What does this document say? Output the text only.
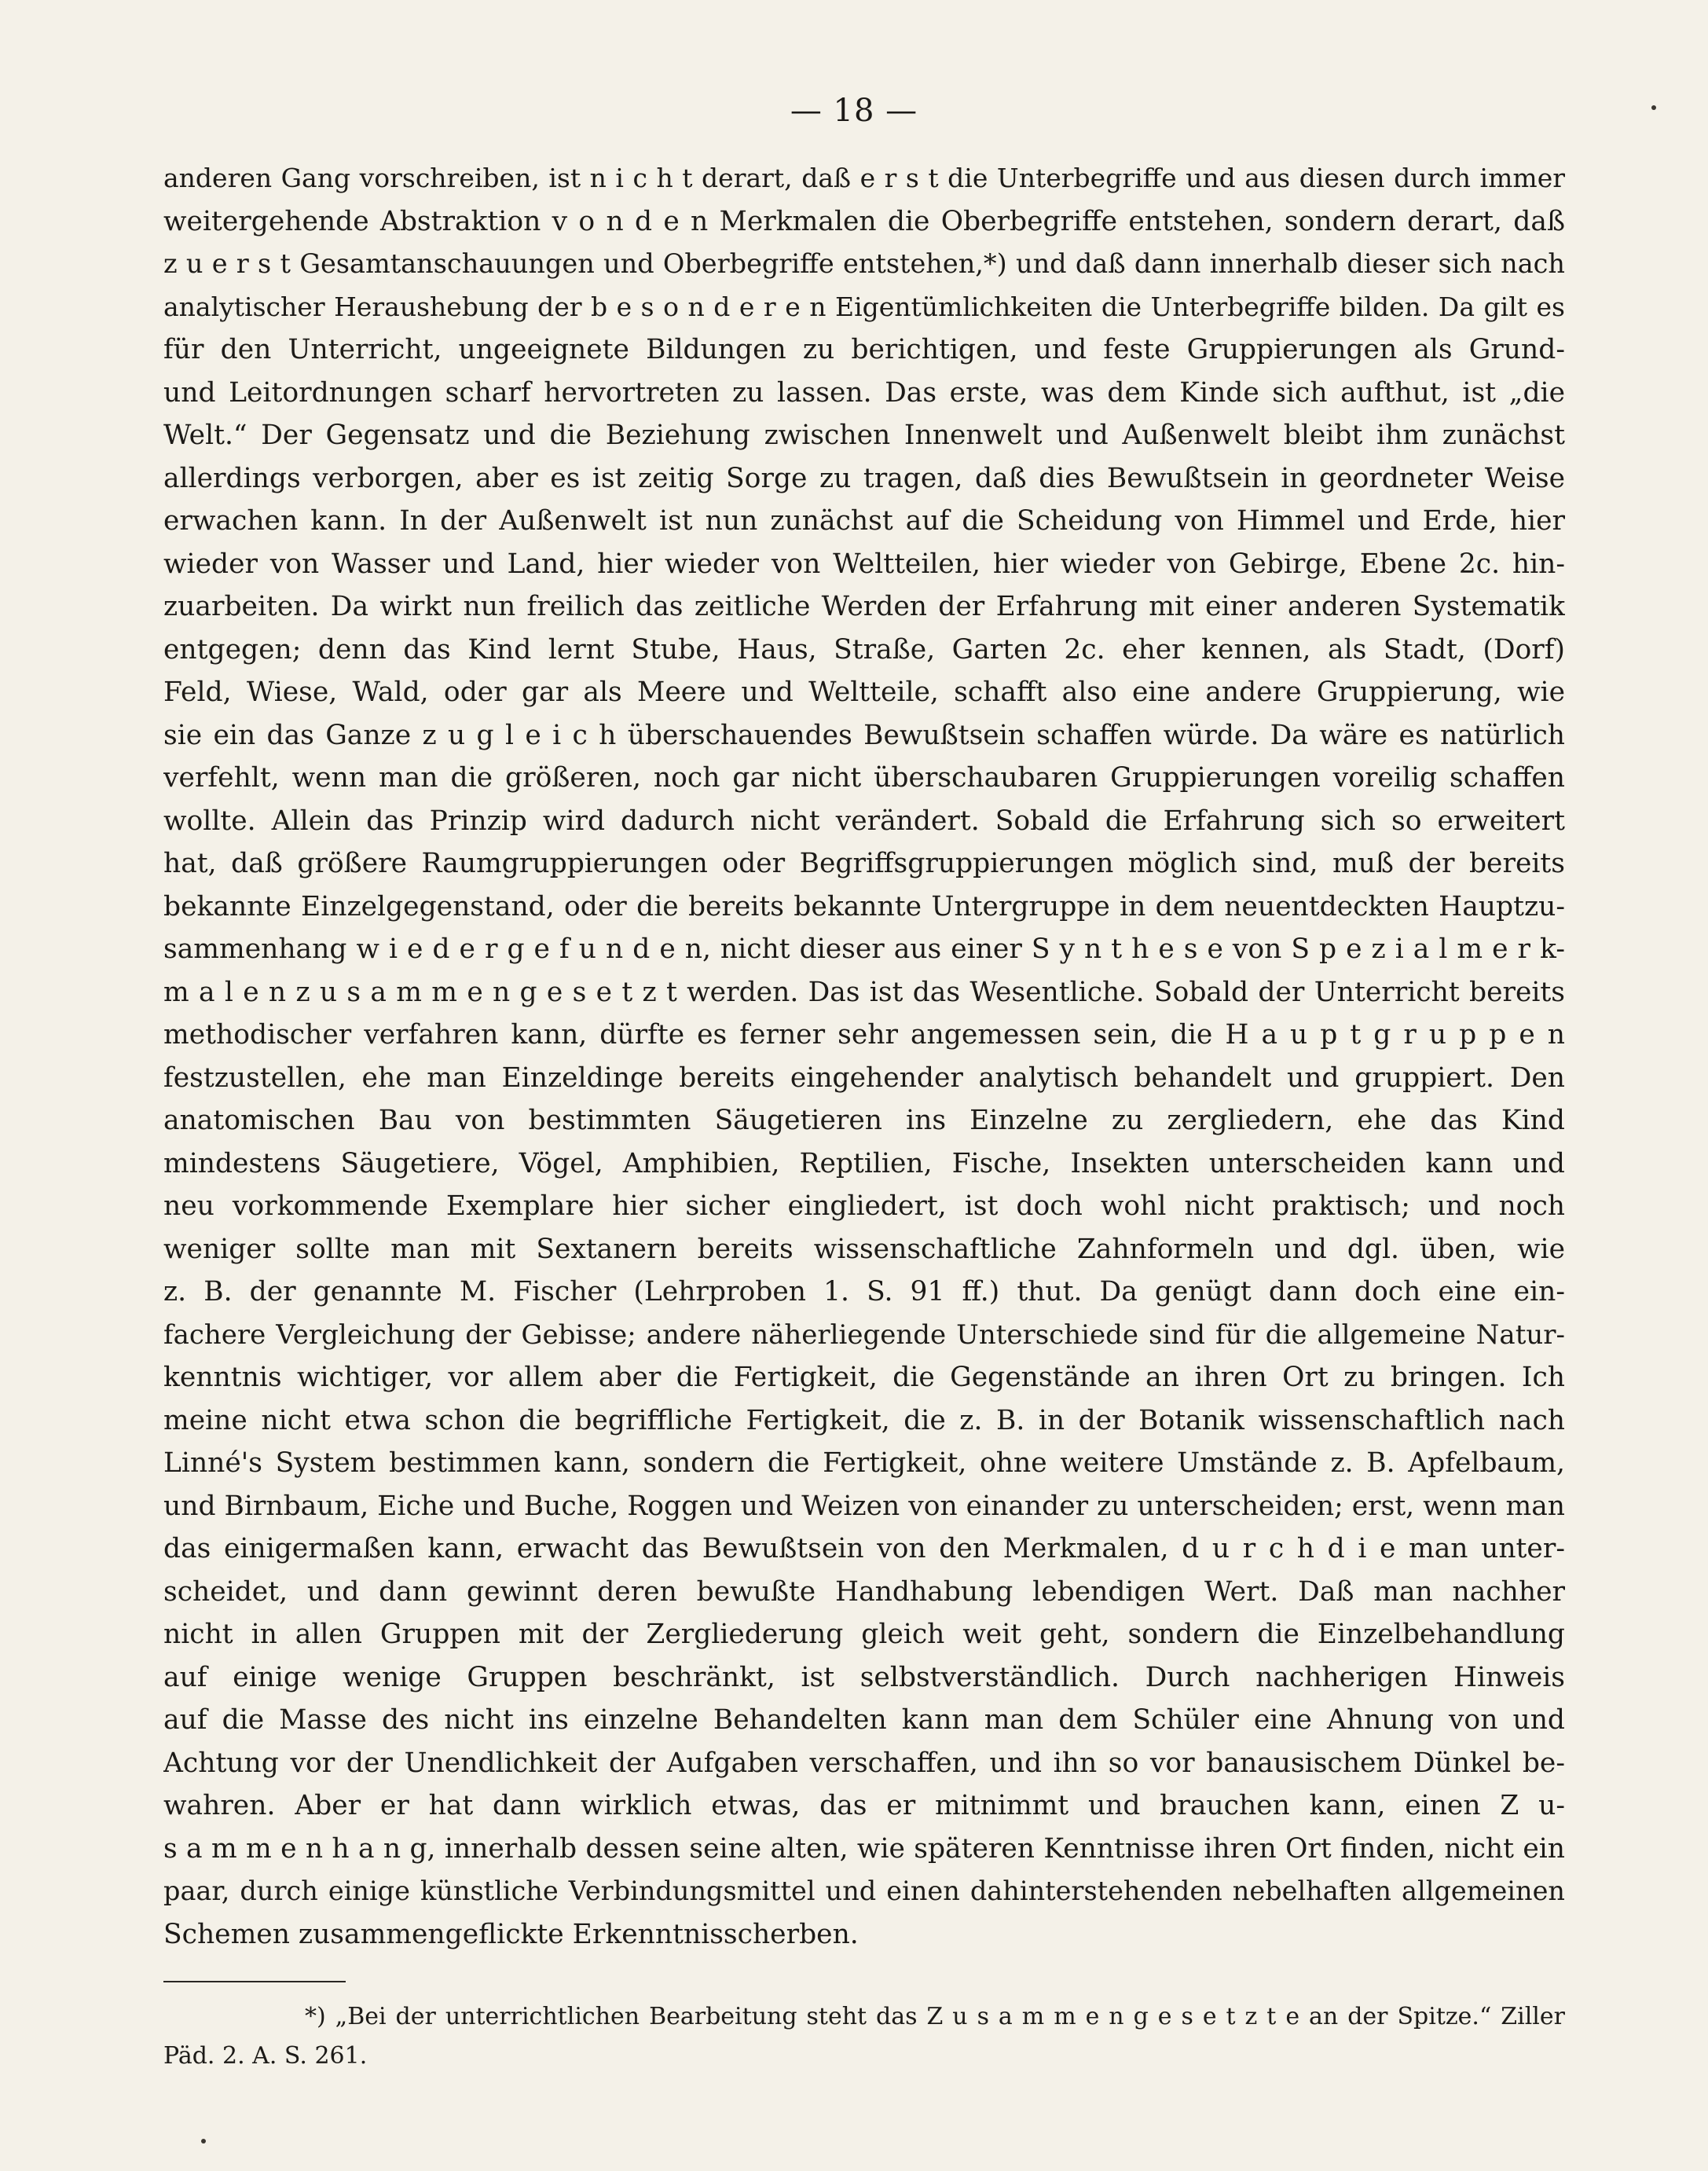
— 18 —
anderen Gang vorschreiben, ist n i c h t derart, daß e r s t die Unterbegriffe und aus diesen durch immer
weitergehende Abstraktion v o n d e n Merkmalen die Oberbegriffe entstehen, sondern derart, daß
z u e r s t Gesamtanschauungen und Oberbegriffe entstehen,*) und daß dann innerhalb dieser sich nach
analytischer Heraushebung der b e s o n d e r e n Eigentümlichkeiten die Unterbegriffe bilden. Da gilt es
für den Unterricht, ungeeignete Bildungen zu berichtigen, und feste Gruppierungen als Grund-
und Leitordnungen scharf hervortreten zu lassen. Das erste, was dem Kinde sich aufthut, ist „die
Welt.“ Der Gegensatz und die Beziehung zwischen Innenwelt und Außenwelt bleibt ihm zunächst
allerdings verborgen, aber es ist zeitig Sorge zu tragen, daß dies Bewußtsein in geordneter Weise
erwachen kann. In der Außenwelt ist nun zunächst auf die Scheidung von Himmel und Erde, hier
wieder von Wasser und Land, hier wieder von Weltteilen, hier wieder von Gebirge, Ebene 2c. hin-
zuarbeiten. Da wirkt nun freilich das zeitliche Werden der Erfahrung mit einer anderen Systematik
entgegen; denn das Kind lernt Stube, Haus, Straße, Garten 2c. eher kennen, als Stadt, (Dorf)
Feld, Wiese, Wald, oder gar als Meere und Weltteile, schafft also eine andere Gruppierung, wie
sie ein das Ganze z u g l e i c h überschauendes Bewußtsein schaffen würde. Da wäre es natürlich
verfehlt, wenn man die größeren, noch gar nicht überschaubaren Gruppierungen voreilig schaffen
wollte. Allein das Prinzip wird dadurch nicht verändert. Sobald die Erfahrung sich so erweitert
hat, daß größere Raumgruppierungen oder Begriffsgruppierungen möglich sind, muß der bereits
bekannte Einzelgegenstand, oder die bereits bekannte Untergruppe in dem neuentdeckten Hauptzu-
sammenhang w i e d e r g e f u n d e n, nicht dieser aus einer S y n t h e s e von S p e z i a l m e r k-
m a l e n z u s a m m e n g e s e t z t werden. Das ist das Wesentliche. Sobald der Unterricht bereits
methodischer verfahren kann, dürfte es ferner sehr angemessen sein, die H a u p t g r u p p e n
festzustellen, ehe man Einzeldinge bereits eingehender analytisch behandelt und gruppiert. Den
anatomischen Bau von bestimmten Säugetieren ins Einzelne zu zergliedern, ehe das Kind
mindestens Säugetiere, Vögel, Amphibien, Reptilien, Fische, Insekten unterscheiden kann und
neu vorkommende Exemplare hier sicher eingliedert, ist doch wohl nicht praktisch; und noch
weniger sollte man mit Sextanern bereits wissenschaftliche Zahnformeln und dgl. üben, wie
z. B. der genannte M. Fischer (Lehrproben 1. S. 91 ff.) thut. Da genügt dann doch eine ein-
fachere Vergleichung der Gebisse; andere näherliegende Unterschiede sind für die allgemeine Natur-
kenntnis wichtiger, vor allem aber die Fertigkeit, die Gegenstände an ihren Ort zu bringen. Ich
meine nicht etwa schon die begriffliche Fertigkeit, die z. B. in der Botanik wissenschaftlich nach
Linné's System bestimmen kann, sondern die Fertigkeit, ohne weitere Umstände z. B. Apfelbaum,
und Birnbaum, Eiche und Buche, Roggen und Weizen von einander zu unterscheiden; erst, wenn man
das einigermaßen kann, erwacht das Bewußtsein von den Merkmalen, d u r c h d i e man unter-
scheidet, und dann gewinnt deren bewußte Handhabung lebendigen Wert. Daß man nachher
nicht in allen Gruppen mit der Zergliederung gleich weit geht, sondern die Einzelbehandlung
auf einige wenige Gruppen beschränkt, ist selbstverständlich. Durch nachherigen Hinweis
auf die Masse des nicht ins einzelne Behandelten kann man dem Schüler eine Ahnung von und
Achtung vor der Unendlichkeit der Aufgaben verschaffen, und ihn so vor banausischem Dünkel be-
wahren. Aber er hat dann wirklich etwas, das er mitnimmt und brauchen kann, einen Z u-
s a m m e n h a n g, innerhalb dessen seine alten, wie späteren Kenntnisse ihren Ort finden, nicht ein
paar, durch einige künstliche Verbindungsmittel und einen dahinterstehenden nebelhaften allgemeinen
Schemen zusammengeflickte Erkenntnisscherben.
*) „Bei der unterrichtlichen Bearbeitung steht das Z u s a m m e n g e s e t z t e an der Spitze.“ Ziller
Päd. 2. A. S. 261.
